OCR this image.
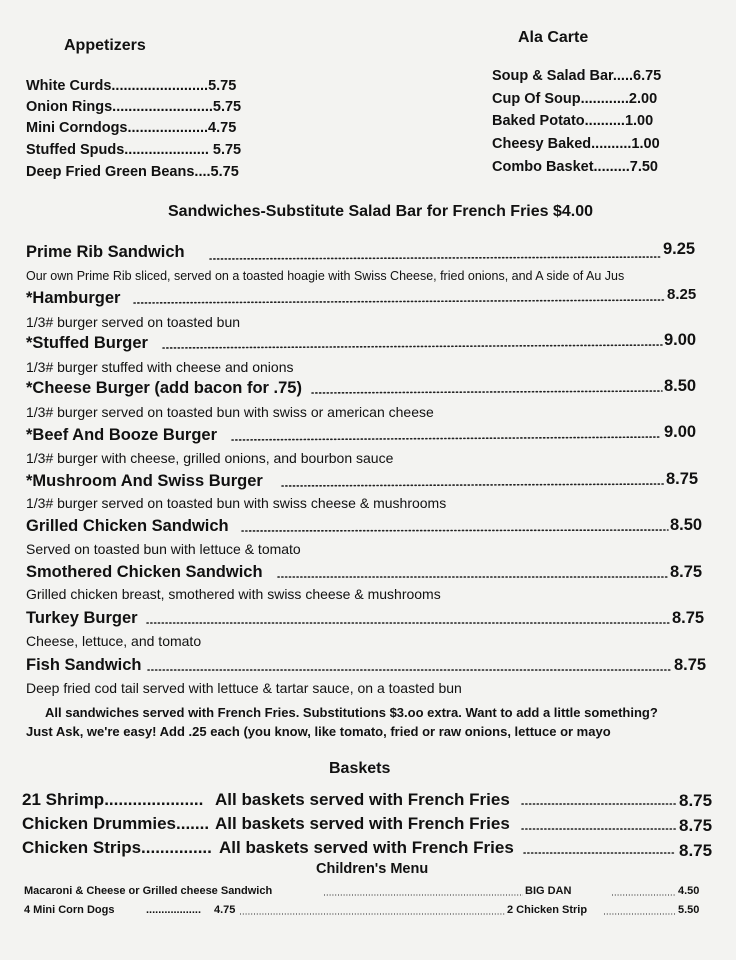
Appetizers
White Curds........................5.75
Onion Rings.........................5.75
Mini Corndogs....................4.75
Stuffed Spuds..................... 5.75
Deep Fried Green Beans....5.75
Ala Carte
Soup & Salad Bar.....6.75
Cup Of Soup............2.00
Baked Potato..........1.00
Cheesy Baked..........1.00
Combo Basket.........7.50
Sandwiches-Substitute Salad Bar for French Fries $4.00
Prime Rib Sandwich	9.25
Our own Prime Rib sliced, served on a toasted hoagie with Swiss Cheese, fried onions, and A side of Au Jus
*Hamburger	8.25
1/3# burger served on toasted bun
*Stuffed Burger	9.00
1/3# burger stuffed with cheese and onions
*Cheese Burger (add bacon for .75)	8.50
1/3# burger served on toasted bun with swiss or american cheese
*Beef And Booze Burger	9.00
1/3# burger with cheese, grilled onions, and bourbon sauce
*Mushroom And Swiss Burger	8.75
1/3# burger served on toasted bun with swiss cheese & mushrooms
Grilled Chicken Sandwich	8.50
Served on toasted bun with lettuce & tomato
Smothered Chicken Sandwich	8.75
Grilled chicken breast, smothered with swiss cheese & mushrooms
Turkey Burger	8.75
Cheese, lettuce, and tomato
Fish Sandwich	8.75
Deep fried cod tail served with lettuce & tartar sauce, on a toasted bun
All sandwiches served with French Fries. Substitutions $3.oo extra. Want to add a little something?
Just Ask, we're easy! Add .25 each (you know, like tomato, fried or raw onions, lettuce or mayo
Baskets
21 Shrimp..................... All baskets served with French Fries	8.75
Chicken Drummies....... All baskets served with French Fries	8.75
Chicken Strips............... All baskets served with French Fries	8.75
Children's Menu
Macaroni & Cheese or Grilled cheese Sandwich	BIG DAN	4.50
4 Mini Corn Dogs	.................. 4.75	2 Chicken Strip	5.50
